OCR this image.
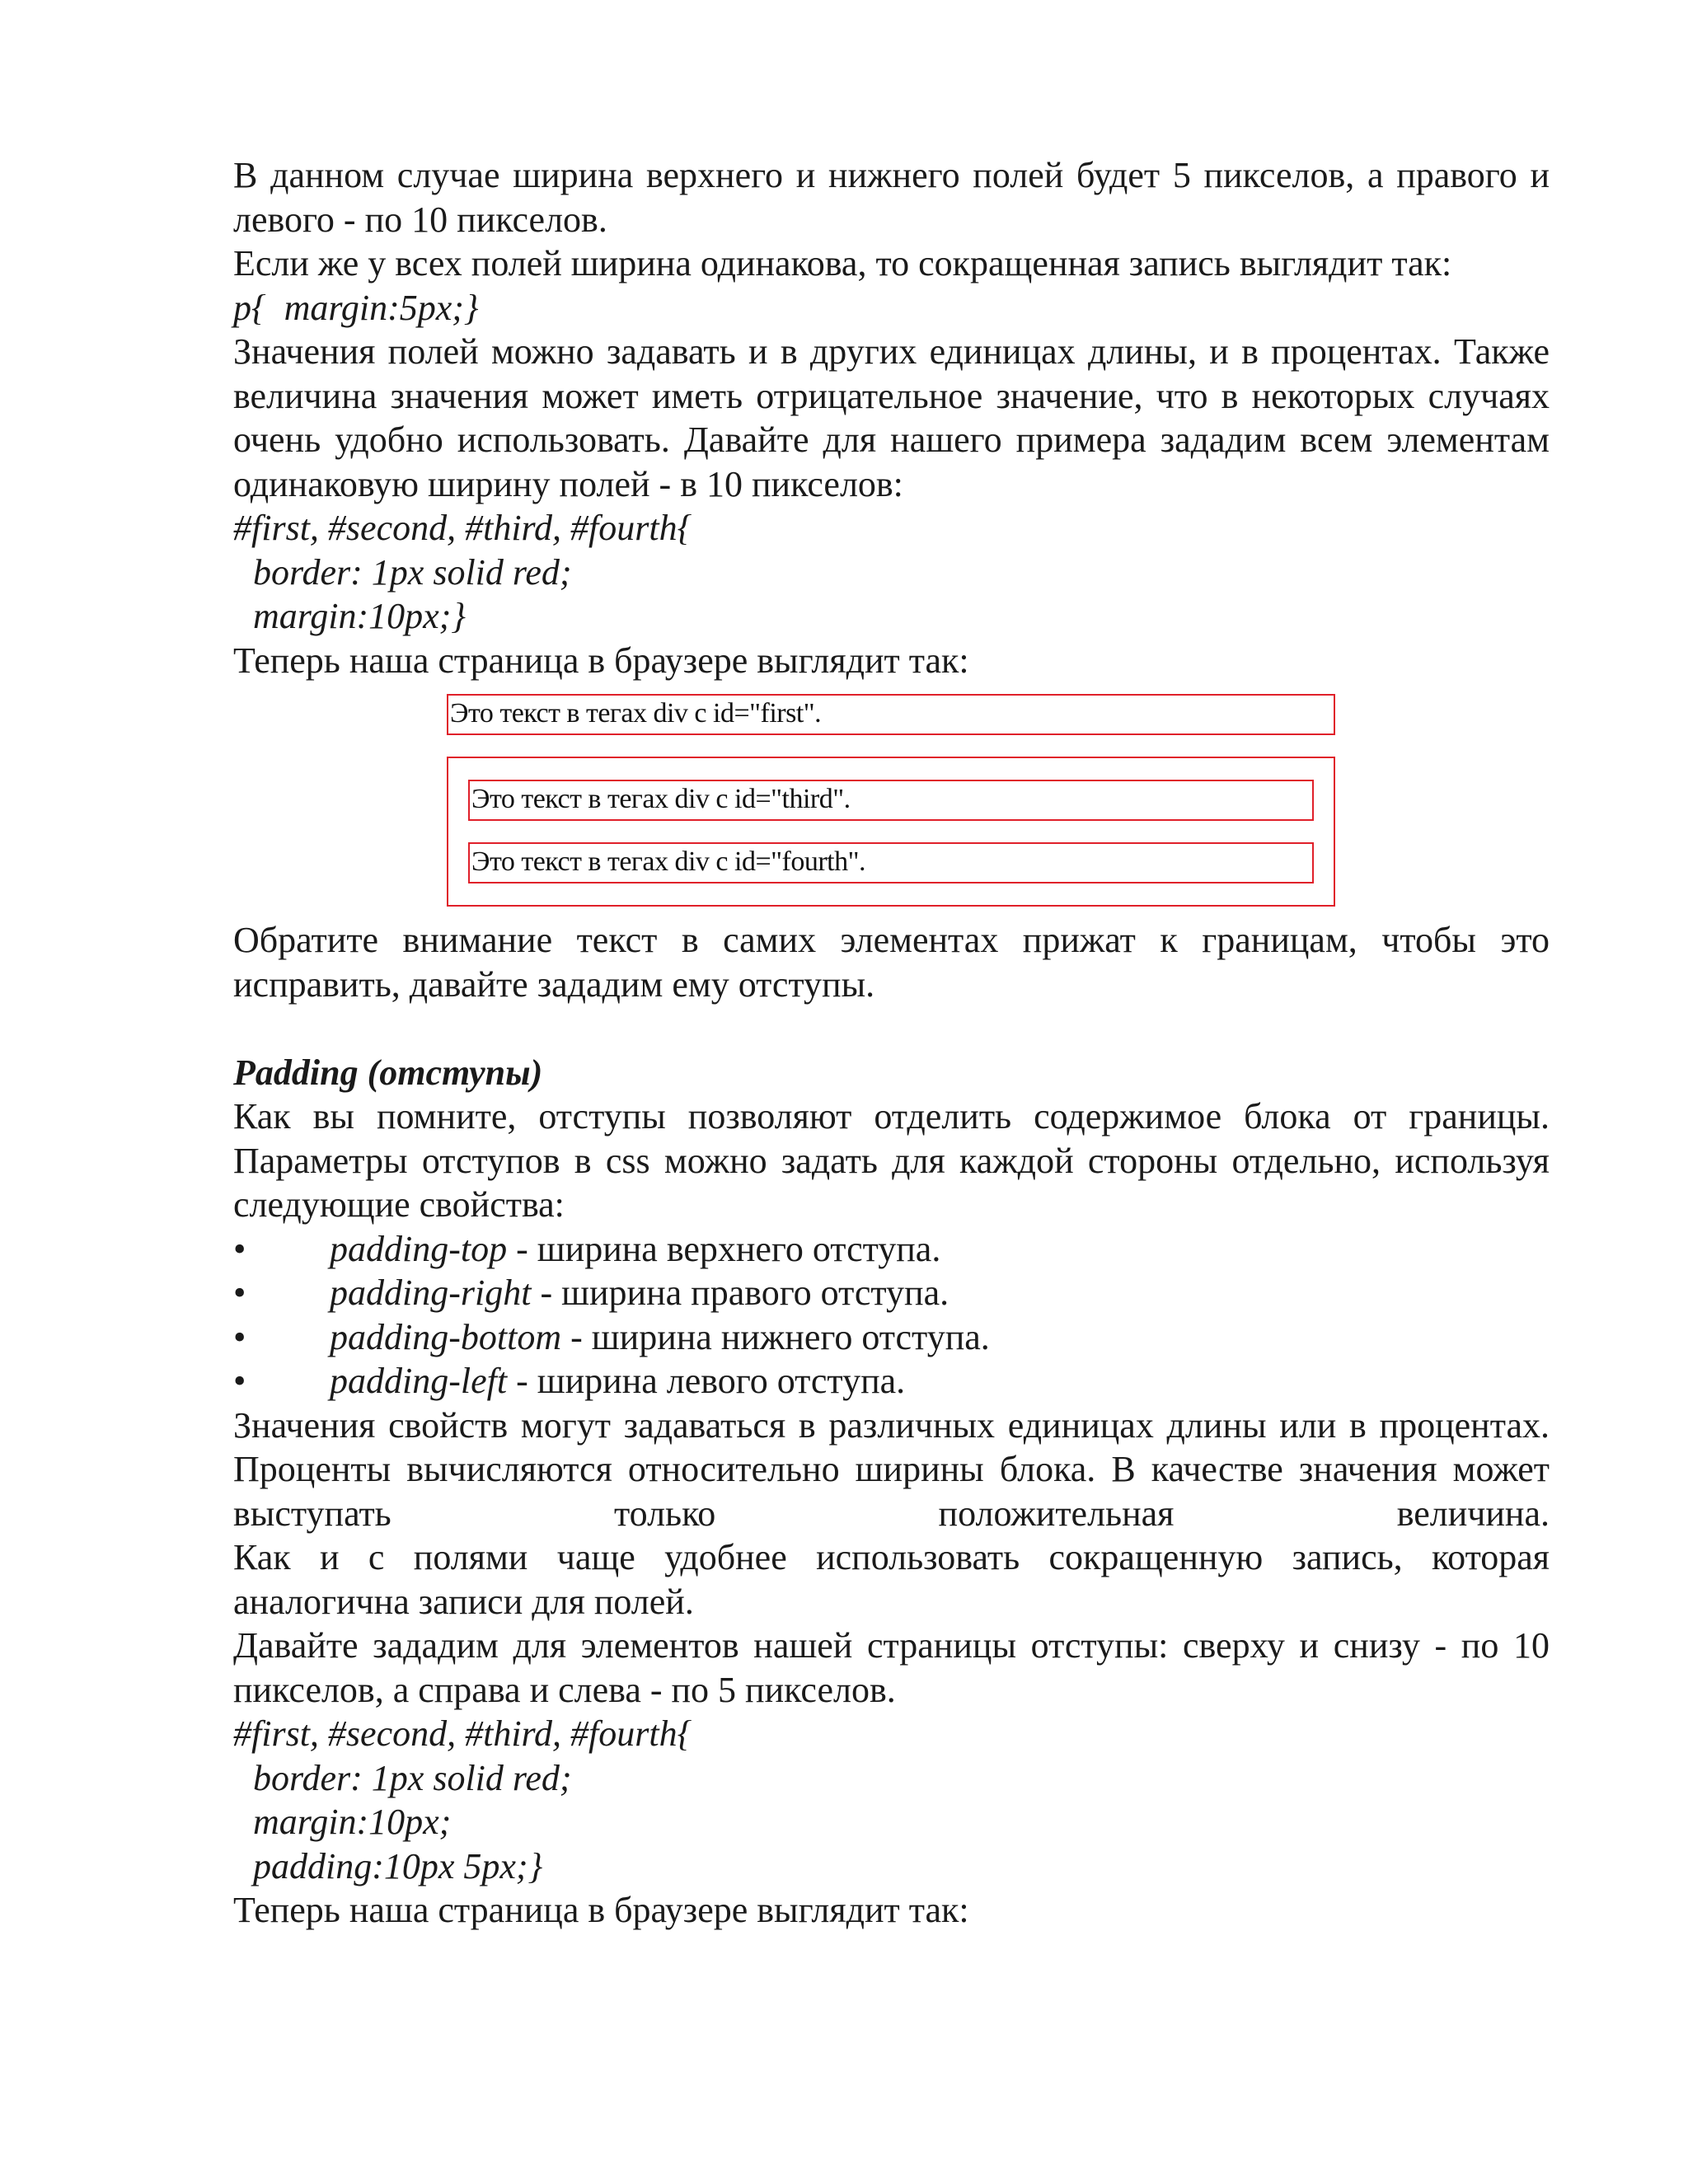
В данном случае ширина верхнего и нижнего полей будет 5 пикселов, а правого и левого - по 10 пикселов.

Если же у всех полей ширина одинакова, то сокращенная запись выглядит так:

p{  margin:5px;}

Значения полей можно задавать и в других единицах длины, и в процентах. Также величина значения может иметь отрицательное значение, что в некоторых случаях очень удобно использовать. Давайте для нашего примера зададим всем элементам одинаковую ширину полей - в 10 пикселов:

#first, #second, #third, #fourth{

border: 1px solid red;

margin:10px;}

Теперь наша страница в браузере выглядит так:

Это текст в тегах div с id="first".
Это текст в тегах div с id="third".
Это текст в тегах div с id="fourth".

Обратите внимание текст в самих элементах прижат к границам, чтобы это исправить, давайте зададим ему отступы.

Padding (отступы)

Как вы помните, отступы позволяют отделить содержимое блока от границы. Параметры отступов в css можно задать для каждой стороны отдельно, используя следующие свойства:

• padding-top - ширина верхнего отступа.
• padding-right - ширина правого отступа.
• padding-bottom - ширина нижнего отступа.
• padding-left - ширина левого отступа.

Значения свойств могут задаваться в различных единицах длины или в процентах. Проценты вычисляются относительно ширины блока. В качестве значения может выступать только положительная величина.

Как и с полями чаще удобнее использовать сокращенную запись, которая аналогична записи для полей.

Давайте зададим для элементов нашей страницы отступы: сверху и снизу - по 10 пикселов, а справа и слева - по 5 пикселов.

#first, #second, #third, #fourth{

border: 1px solid red;

margin:10px;

padding:10px 5px;}

Теперь наша страница в браузере выглядит так:
